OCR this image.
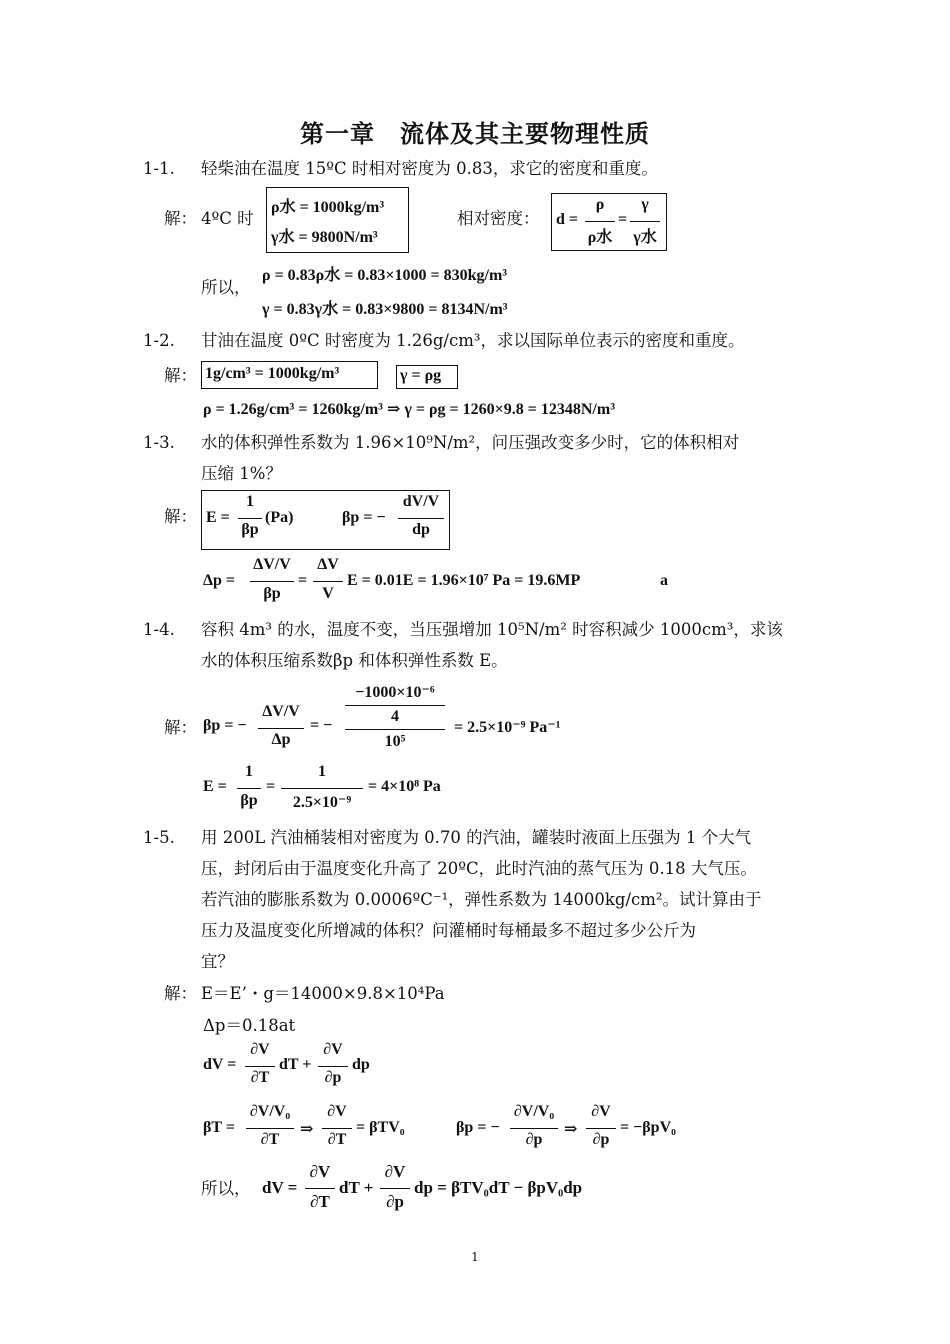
第一章　流体及其主要物理性质
1-1. 轻柴油在温度 15ºC 时相对密度为 0.83，求它的密度和重度。
解： 4ºC 时
ρ水 = 1000kg/m³
γ水 = 9800N/m³
相对密度： d =
ρ
ρ水
=
γ
γ水
所以，
ρ = 0.83ρ水 = 0.83×1000 = 830kg/m³
γ = 0.83γ水 = 0.83×9800 = 8134N/m³
1-2. 甘油在温度 0ºC 时密度为 1.26g/cm³，求以国际单位表示的密度和重度。
解： 1g/cm³ = 1000kg/m³	γ = ρg
ρ = 1.26g/cm³ = 1260kg/m³ ⇒ γ = ρg = 1260×9.8 = 12348N/m³
1-3. 水的体积弹性系数为 1.96×10⁹N/m²，问压强改变多少时，它的体积相对
压缩 1%？
解： E =
1
βp
(Pa)	βp = −
dV/V
dp
Δp =
ΔV/V
βp
=
ΔV
V
E = 0.01E = 1.96×10⁷ Pa = 19.6MP	a
1-4. 容积 4m³ 的水，温度不变，当压强增加 10⁵N/m² 时容积减少 1000cm³，求该
水的体积压缩系数βp 和体积弹性系数 E。
解： βp = −
ΔV/V
Δp
= −
−1000×10⁻⁶
4
10⁵
= 2.5×10⁻⁹ Pa⁻¹
E =
1
βp
=
1
2.5×10⁻⁹
= 4×10⁸ Pa
1-5. 用 200L 汽油桶装相对密度为 0.70 的汽油，罐装时液面上压强为 1 个大气
压，封闭后由于温度变化升高了 20ºC，此时汽油的蒸气压为 0.18 大气压。
若汽油的膨胀系数为 0.0006ºC⁻¹，弹性系数为 14000kg/cm²。试计算由于
压力及温度变化所增减的体积？问灌桶时每桶最多不超过多少公斤为
宜？
解： E＝E’・g＝14000×9.8×10⁴Pa
Δp＝0.18at
dV =
∂V
∂T
dT +
∂V
∂p
dp
βT =
∂V/V₀
∂T
⇒
∂V
∂T
= βTV₀	βp = −
∂V/V₀
∂p
⇒
∂V
∂p
= −βpV₀
所以， dV =
∂V
∂T
dT +
∂V
∂p
dp = βTV₀dT − βpV₀dp
1
